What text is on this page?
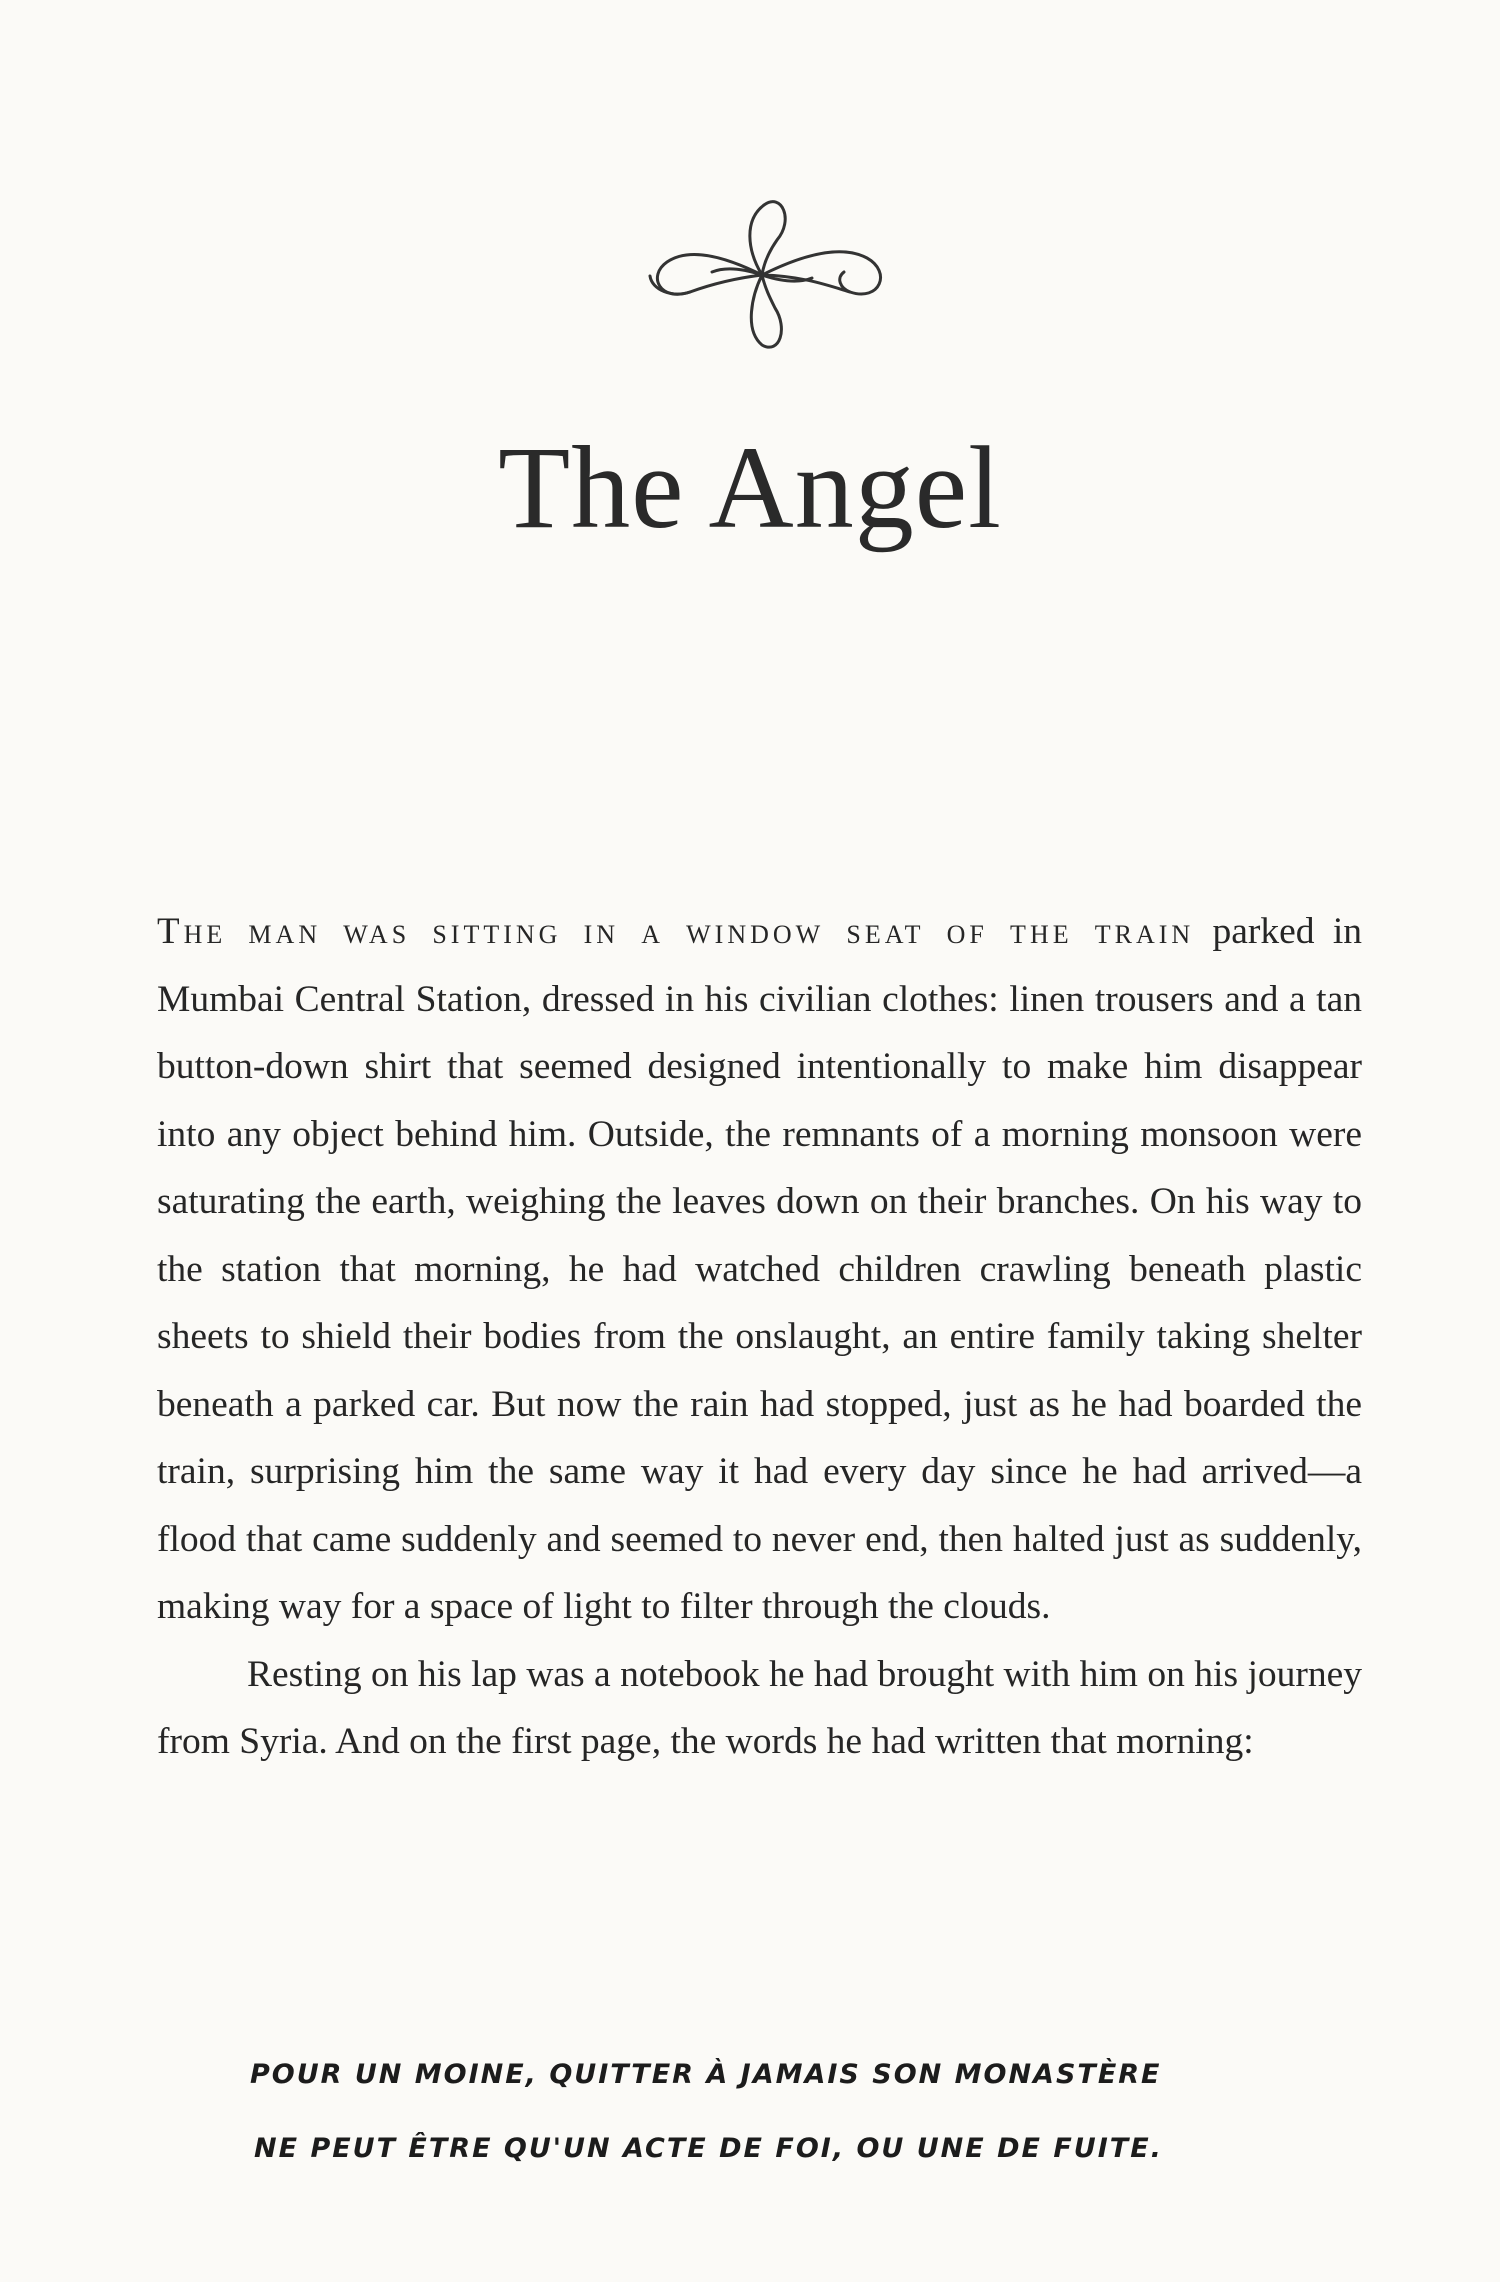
The Angel

The man was sitting in a window seat of the train parked in Mumbai Central Station, dressed in his civilian clothes: linen trousers and a tan button-down shirt that seemed designed intentionally to make him disappear into any object behind him. Outside, the remnants of a morning monsoon were saturating the earth, weighing the leaves down on their branches. On his way to the station that morning, he had watched children crawling beneath plastic sheets to shield their bodies from the onslaught, an entire family taking shelter beneath a parked car. But now the rain had stopped, just as he had boarded the train, surprising him the same way it had every day since he had arrived—a flood that came suddenly and seemed to never end, then halted just as suddenly, making way for a space of light to filter through the clouds.

Resting on his lap was a notebook he had brought with him on his journey from Syria. And on the first page, the words he had written that morning:

POUR UN MOINE, QUITTER À JAMAIS SON MONASTÈRE
NE PEUT ÊTRE QU'UN ACTE DE FOI, OU UNE DE FUITE.
